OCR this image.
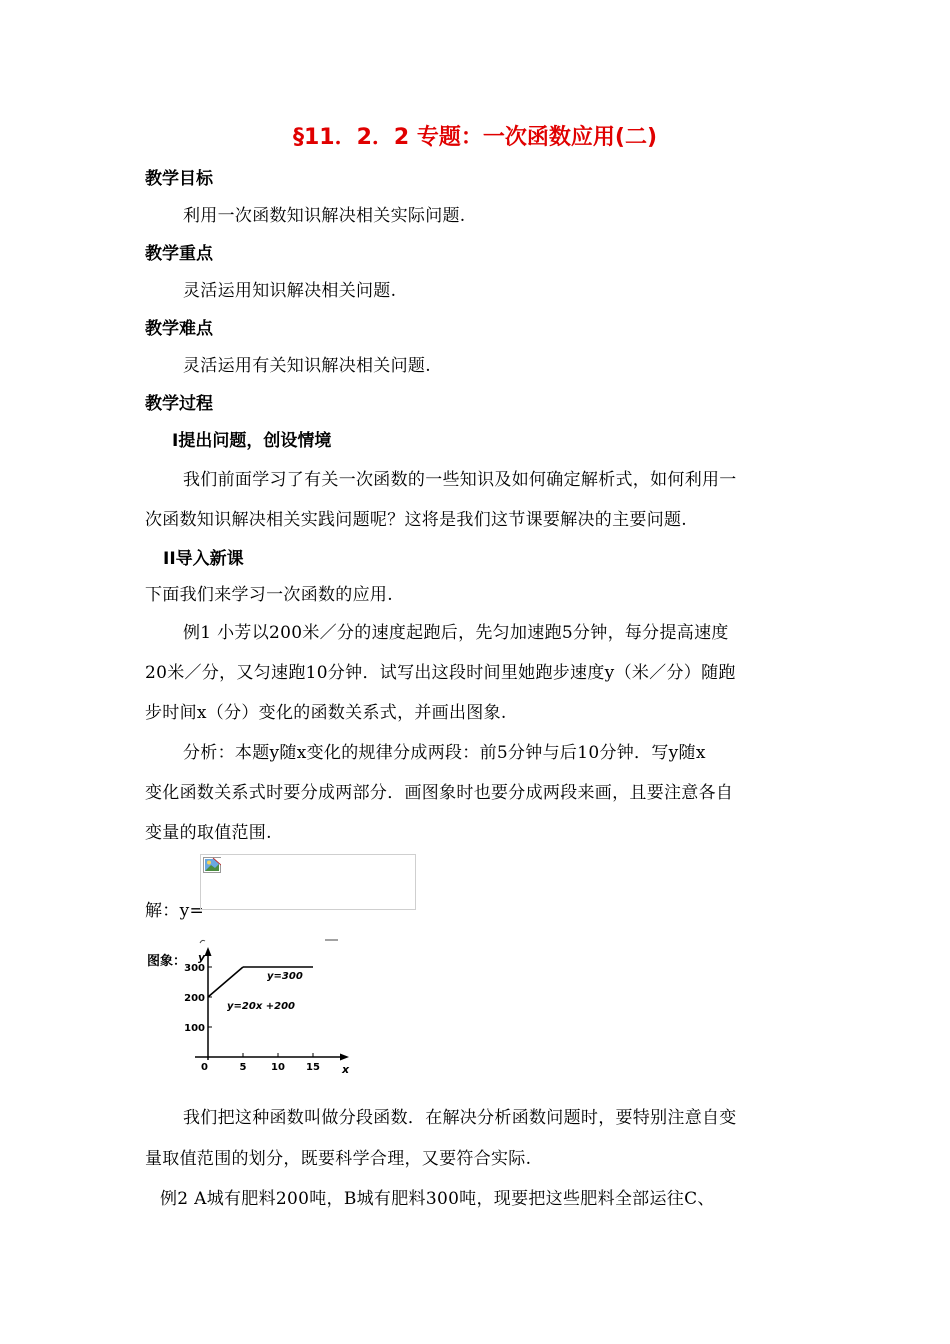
§11．2．2 专题：一次函数应用(二)
教学目标
利用一次函数知识解决相关实际问题.
教学重点
灵活运用知识解决相关问题.
教学难点
灵活运用有关知识解决相关问题.
教学过程
I提出问题，创设情境
我们前面学习了有关一次函数的一些知识及如何确定解析式，如何利用一
次函数知识解决相关实践问题呢？这将是我们这节课要解决的主要问题.
II导入新课
下面我们来学习一次函数的应用.
例1 小芳以200米／分的速度起跑后，先匀加速跑5分钟，每分提高速度
20米／分，又匀速跑10分钟．试写出这段时间里她跑步速度y（米／分）随跑
步时间x（分）变化的函数关系式，并画出图象.
分析：本题y随x变化的规律分成两段：前5分钟与后10分钟．写y随x
变化函数关系式时要分成两部分．画图象时也要分成两段来画，且要注意各自
变量的取值范围.
解：y=
图象： y
x
0	5 10 15
100
200
300
y=20x +200
y=300
我们把这种函数叫做分段函数．在解决分析函数问题时，要特别注意自变
量取值范围的划分，既要科学合理，又要符合实际.
例2 A城有肥料200吨，B城有肥料300吨，现要把这些肥料全部运往C、
